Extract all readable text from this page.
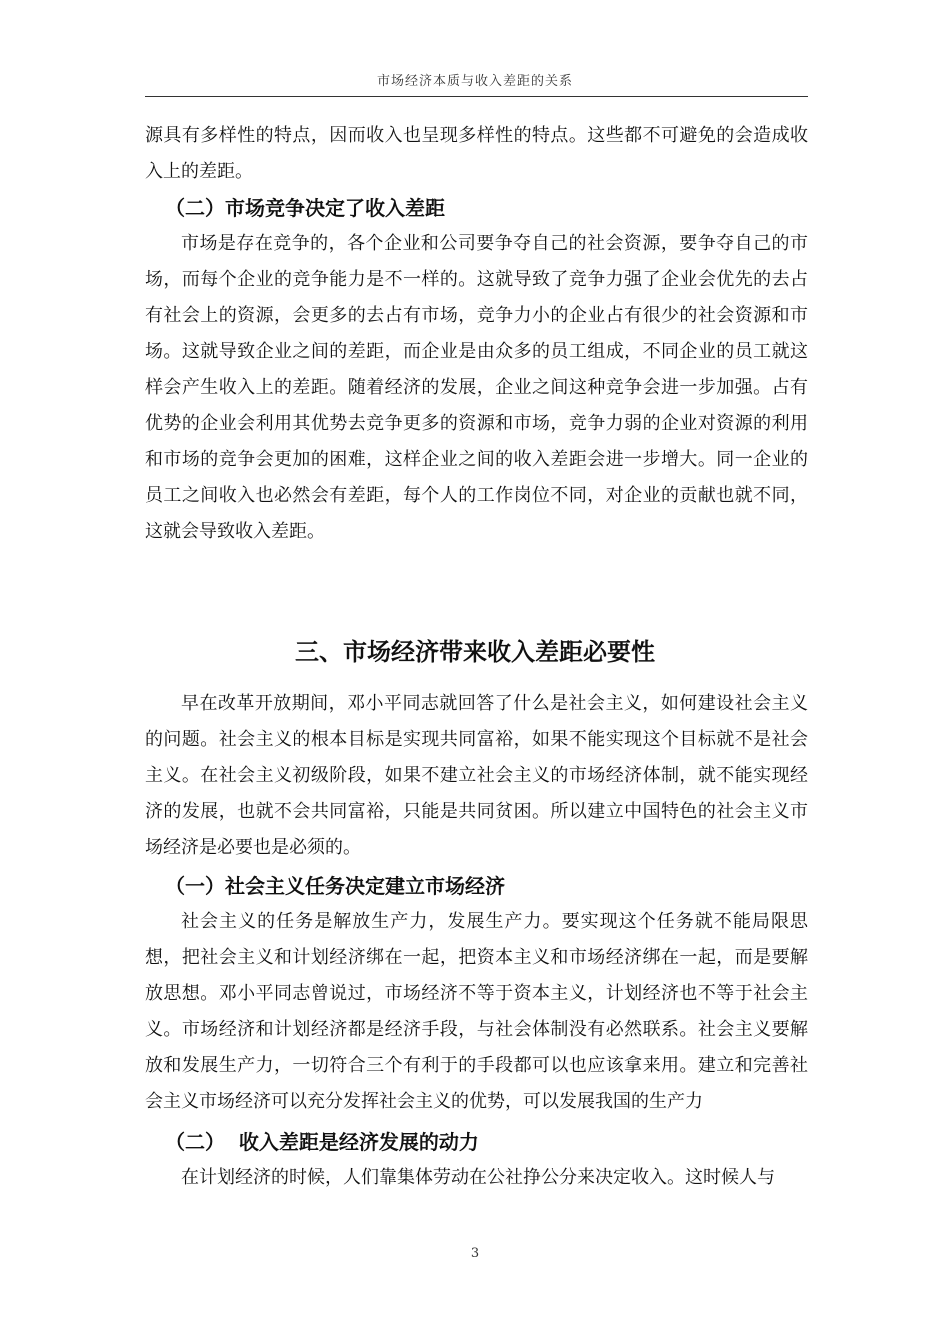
市场经济本质与收入差距的关系

源具有多样性的特点，因而收入也呈现多样性的特点。这些都不可避免的会造成收入上的差距。

（二）市场竞争决定了收入差距

市场是存在竞争的，各个企业和公司要争夺自己的社会资源，要争夺自己的市场，而每个企业的竞争能力是不一样的。这就导致了竞争力强了企业会优先的去占有社会上的资源，会更多的去占有市场，竞争力小的企业占有很少的社会资源和市场。这就导致企业之间的差距，而企业是由众多的员工组成，不同企业的员工就这样会产生收入上的差距。随着经济的发展，企业之间这种竞争会进一步加强。占有优势的企业会利用其优势去竞争更多的资源和市场，竞争力弱的企业对资源的利用和市场的竞争会更加的困难，这样企业之间的收入差距会进一步增大。同一企业的员工之间收入也必然会有差距，每个人的工作岗位不同，对企业的贡献也就不同，这就会导致收入差距。

三、市场经济带来收入差距必要性

早在改革开放期间，邓小平同志就回答了什么是社会主义，如何建设社会主义的问题。社会主义的根本目标是实现共同富裕，如果不能实现这个目标就不是社会主义。在社会主义初级阶段，如果不建立社会主义的市场经济体制，就不能实现经济的发展，也就不会共同富裕，只能是共同贫困。所以建立中国特色的社会主义市场经济是必要也是必须的。

（一）社会主义任务决定建立市场经济

社会主义的任务是解放生产力，发展生产力。要实现这个任务就不能局限思想，把社会主义和计划经济绑在一起，把资本主义和市场经济绑在一起，而是要解放思想。邓小平同志曾说过，市场经济不等于资本主义，计划经济也不等于社会主义。市场经济和计划经济都是经济手段，与社会体制没有必然联系。社会主义要解放和发展生产力，一切符合三个有利于的手段都可以也应该拿来用。建立和完善社会主义市场经济可以充分发挥社会主义的优势，可以发展我国的生产力

（二）  收入差距是经济发展的动力

在计划经济的时候，人们靠集体劳动在公社挣公分来决定收入。这时候人与

3
